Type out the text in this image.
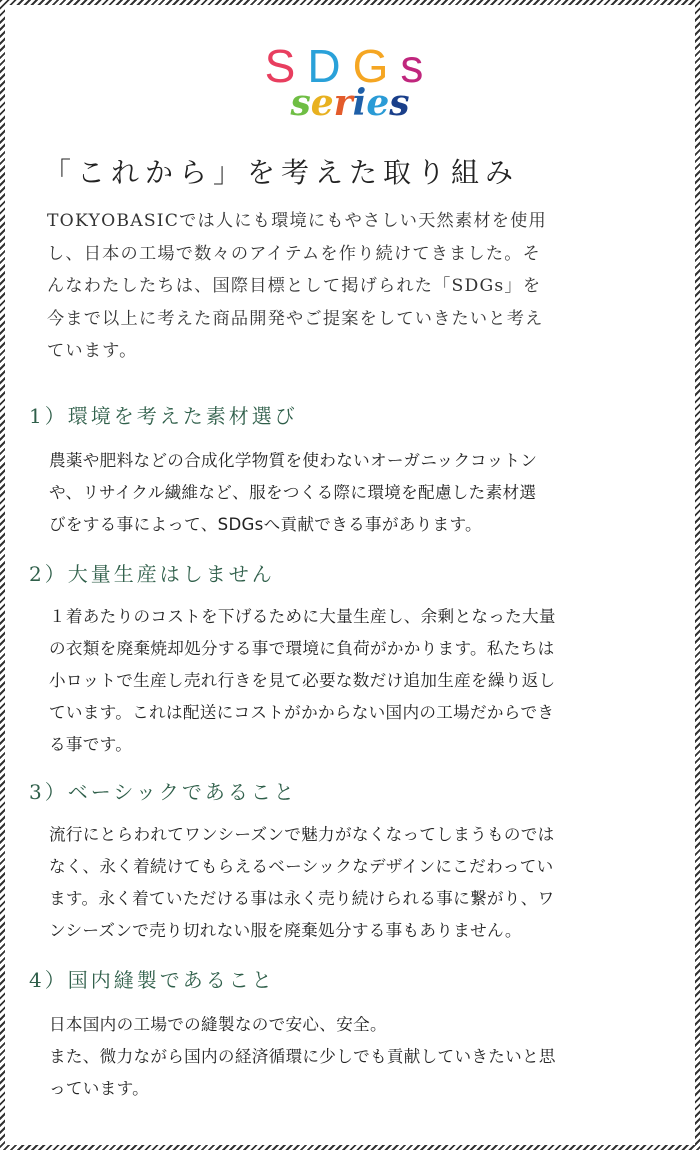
SDGs
series
「これから」を考えた取り組み
TOKYOBASICでは人にも環境にもやさしい天然素材を使用
し、日本の工場で数々のアイテムを作り続けてきました。そ
んなわたしたちは、国際目標として掲げられた「SDGs」を
今まで以上に考えた商品開発やご提案をしていきたいと考え
ています。
1）環境を考えた素材選び
農薬や肥料などの合成化学物質を使わないオーガニックコットン
や、リサイクル繊維など、服をつくる際に環境を配慮した素材選
びをする事によって、SDGsへ貢献できる事があります。
2）大量生産はしません
１着あたりのコストを下げるために大量生産し、余剰となった大量
の衣類を廃棄焼却処分する事で環境に負荷がかかります。私たちは
小ロットで生産し売れ行きを見て必要な数だけ追加生産を繰り返し
ています。これは配送にコストがかからない国内の工場だからでき
る事です。
3）ベーシックであること
流行にとらわれてワンシーズンで魅力がなくなってしまうものでは
なく、永く着続けてもらえるベーシックなデザインにこだわってい
ます。永く着ていただける事は永く売り続けられる事に繋がり、ワ
ンシーズンで売り切れない服を廃棄処分する事もありません。
4）国内縫製であること
日本国内の工場での縫製なので安心、安全。
また、微力ながら国内の経済循環に少しでも貢献していきたいと思
っています。
